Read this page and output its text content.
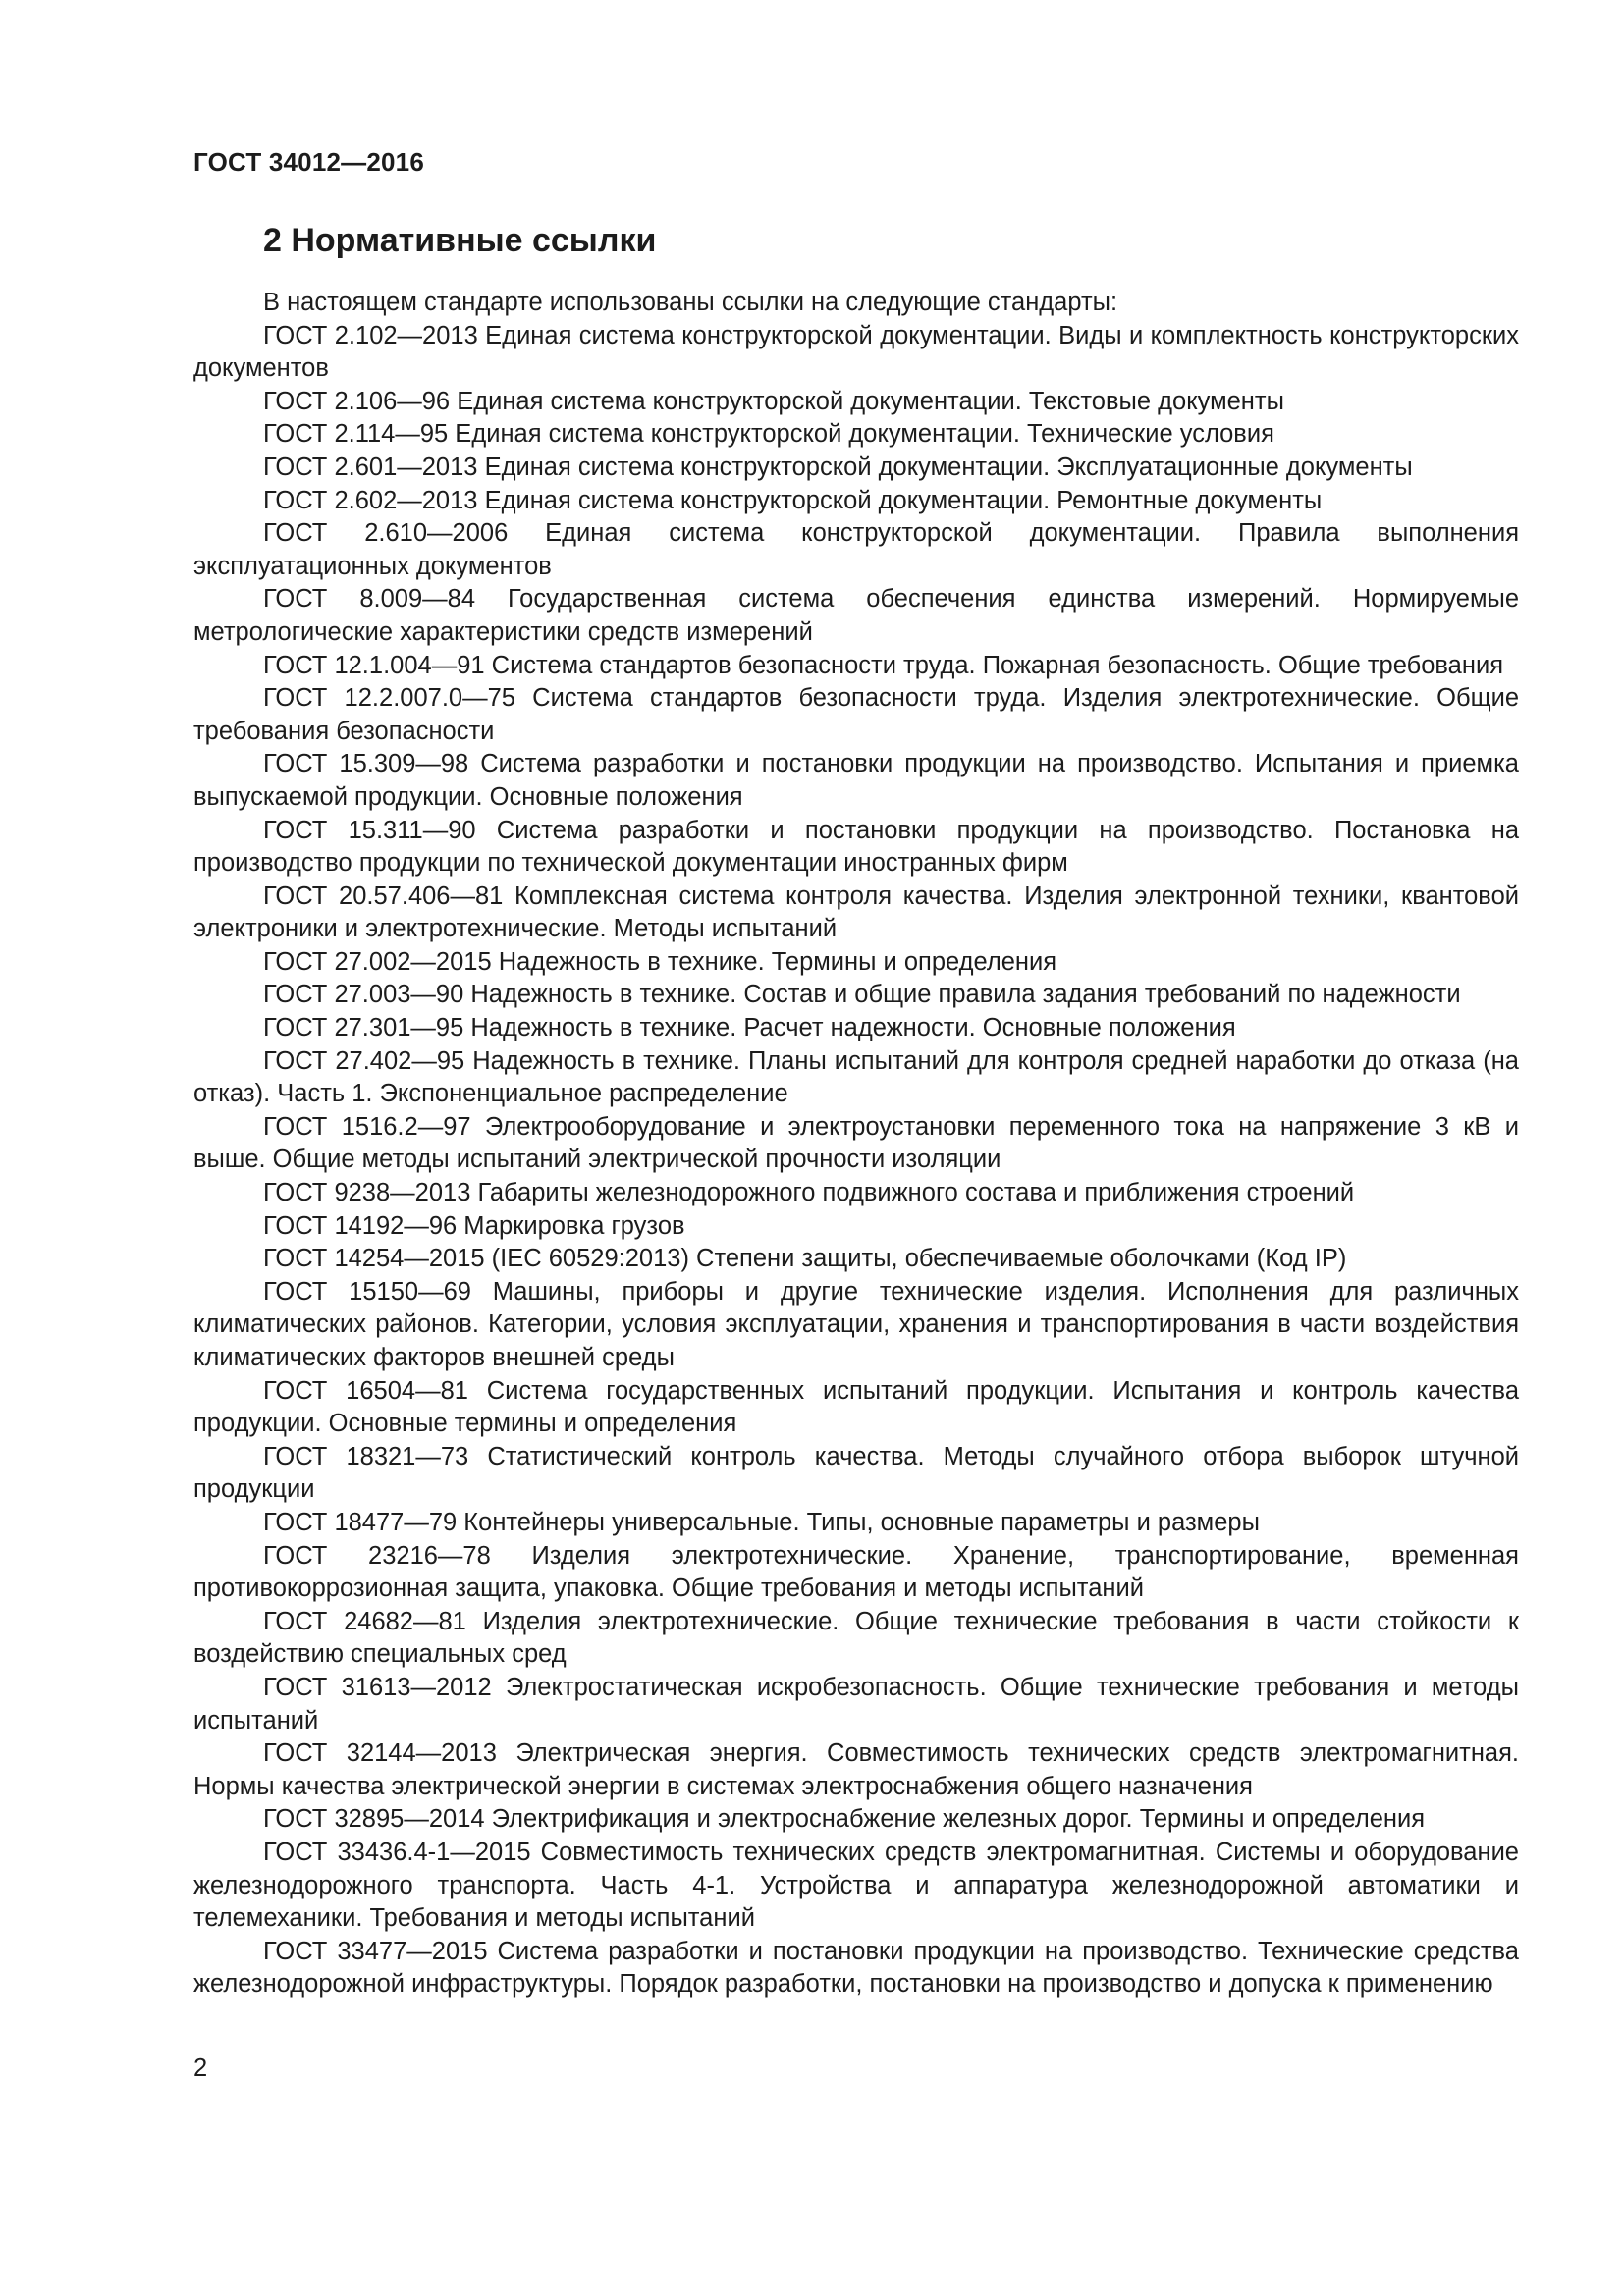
ГОСТ 34012—2016
2 Нормативные ссылки

В настоящем стандарте использованы ссылки на следующие стандарты:

ГОСТ 2.102—2013 Единая система конструкторской документации. Виды и комплектность конструкторских документов

ГОСТ 2.106—96 Единая система конструкторской документации. Текстовые документы

ГОСТ 2.114—95 Единая система конструкторской документации. Технические условия

ГОСТ 2.601—2013 Единая система конструкторской документации. Эксплуатационные документы

ГОСТ 2.602—2013 Единая система конструкторской документации. Ремонтные документы

ГОСТ 2.610—2006 Единая система конструкторской документации. Правила выполнения эксплуатационных документов

ГОСТ 8.009—84 Государственная система обеспечения единства измерений. Нормируемые метрологические характеристики средств измерений

ГОСТ 12.1.004—91 Система стандартов безопасности труда. Пожарная безопасность. Общие требования

ГОСТ 12.2.007.0—75 Система стандартов безопасности труда. Изделия электротехнические. Общие требования безопасности

ГОСТ 15.309—98 Система разработки и постановки продукции на производство. Испытания и приемка выпускаемой продукции. Основные положения

ГОСТ 15.311—90 Система разработки и постановки продукции на производство. Постановка на производство продукции по технической документации иностранных фирм

ГОСТ 20.57.406—81 Комплексная система контроля качества. Изделия электронной техники, квантовой электроники и электротехнические. Методы испытаний

ГОСТ 27.002—2015 Надежность в технике. Термины и определения

ГОСТ 27.003—90 Надежность в технике. Состав и общие правила задания требований по надежности

ГОСТ 27.301—95 Надежность в технике. Расчет надежности. Основные положения

ГОСТ 27.402—95 Надежность в технике. Планы испытаний для контроля средней наработки до отказа (на отказ). Часть 1. Экспоненциальное распределение

ГОСТ 1516.2—97 Электрооборудование и электроустановки переменного тока на напряжение 3 кВ и выше. Общие методы испытаний электрической прочности изоляции

ГОСТ 9238—2013 Габариты железнодорожного подвижного состава и приближения строений

ГОСТ 14192—96 Маркировка грузов

ГОСТ 14254—2015 (IEC 60529:2013) Степени защиты, обеспечиваемые оболочками (Код IP)

ГОСТ 15150—69 Машины, приборы и другие технические изделия. Исполнения для различных климатических районов. Категории, условия эксплуатации, хранения и транспортирования в части воздействия климатических факторов внешней среды

ГОСТ 16504—81 Система государственных испытаний продукции. Испытания и контроль качества продукции. Основные термины и определения

ГОСТ 18321—73 Статистический контроль качества. Методы случайного отбора выборок штучной продукции

ГОСТ 18477—79 Контейнеры универсальные. Типы, основные параметры и размеры

ГОСТ 23216—78 Изделия электротехнические. Хранение, транспортирование, временная противокоррозионная защита, упаковка. Общие требования и методы испытаний

ГОСТ 24682—81 Изделия электротехнические. Общие технические требования в части стойкости к воздействию специальных сред

ГОСТ 31613—2012 Электростатическая искробезопасность. Общие технические требования и методы испытаний

ГОСТ 32144—2013 Электрическая энергия. Совместимость технических средств электромагнитная. Нормы качества электрической энергии в системах электроснабжения общего назначения

ГОСТ 32895—2014 Электрификация и электроснабжение железных дорог. Термины и определения

ГОСТ 33436.4-1—2015 Совместимость технических средств электромагнитная. Системы и оборудование железнодорожного транспорта. Часть 4-1. Устройства и аппаратура железнодорожной автоматики и телемеханики. Требования и методы испытаний

ГОСТ 33477—2015 Система разработки и постановки продукции на производство. Технические средства железнодорожной инфраструктуры. Порядок разработки, постановки на производство и допуска к применению

2
